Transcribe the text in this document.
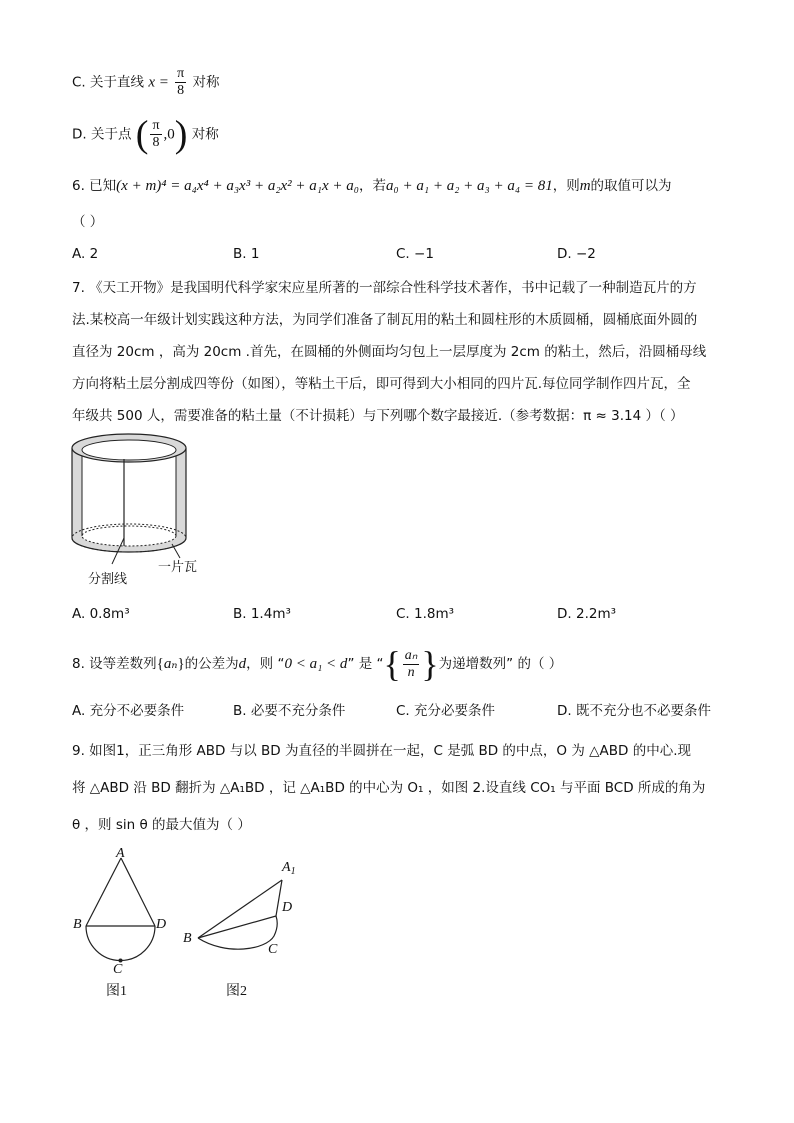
C. 关于直线 $x = \frac{\pi}{8}$ 对称
D. 关于点 ( $\frac{\pi}{8} ,0$) 对称
6. 已知(x + m)⁴ = a₄x⁴ + a₃x³ + a₂x² + a₁x + a₀，若a₀ + a₁ + a₂ + a₃ + a₄ = 81，则m的取值可以为
（ ）
A. 2	B. 1	C. −1	D. −2
7. 《天工开物》是我国明代科学家宋应星所著的一部综合性科学技术著作，书中记载了一种制造瓦片的方
法.某校高一年级计划实践这种方法，为同学们准备了制瓦用的粘土和圆柱形的木质圆桶，圆桶底面外圆的
直径为 20cm ，高为 20cm .首先，在圆桶的外侧面均匀包上一层厚度为 2cm 的粘土，然后，沿圆桶母线
方向将粘土层分割成四等份（如图），等粘土干后，即可得到大小相同的四片瓦.每位同学制作四片瓦，全
年级共 500 人，需要准备的粘土量（不计损耗）与下列哪个数字最接近.（参考数据：π ≈ 3.14 ）（ ）
分割线
一片瓦
A. 0.8m³	B. 1.4m³	C. 1.8m³	D. 2.2m³
8. 设等差数列{aₙ}的公差为d，则 “0 < a₁ < d” 是 “{ $\frac{\text{aₙ}}{n}$ }为递增数列” 的（ ）
A. 充分不必要条件	B. 必要不充分条件	C. 充分必要条件	D. 既不充分也不必要条件
9. 如图1，正三角形 ABD 与以 BD 为直径的半圆拼在一起，C 是弧 BD 的中点，O 为 △ABD 的中心.现
将 △ABD 沿 BD 翻折为 △A₁BD ，记 △A₁BD 的中心为 O₁ ，如图 2.设直线 CO₁ 与平面 BCD 所成的角为
θ ，则 sin θ 的最大值为（ ）
A
B	D
C
图1
$A_1$
D
B
C
图2
